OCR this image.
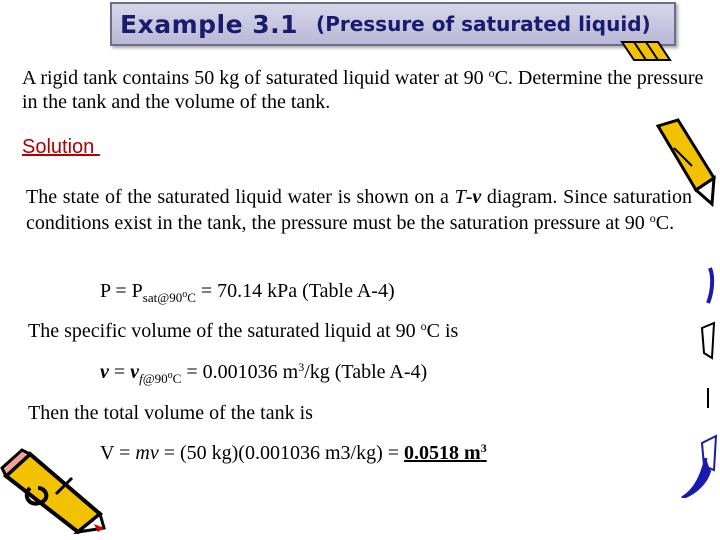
Example 3.1 (Pressure of saturated liquid)

A rigid tank contains 50 kg of saturated liquid water at 90 $^o$C. Determine the pressure in the tank and the volume of the tank.

Solution

The state of the saturated liquid water is shown on a T-v diagram. Since saturation conditions exist in the tank, the pressure must be the saturation pressure at 90 $^o$C.

$P = P_{sat@90^oC} = 70.14$ kPa (Table A-4)
The specific volume of the saturated liquid at 90 $^o$C is
$v = v_{f@90^oC} = 0.001036$ $m^3/kg$ (Table A-4)
Then the total volume of the tank is
V = mv = (50 kg)(0.001036 m3/kg) = 0.0518 $m^3$
